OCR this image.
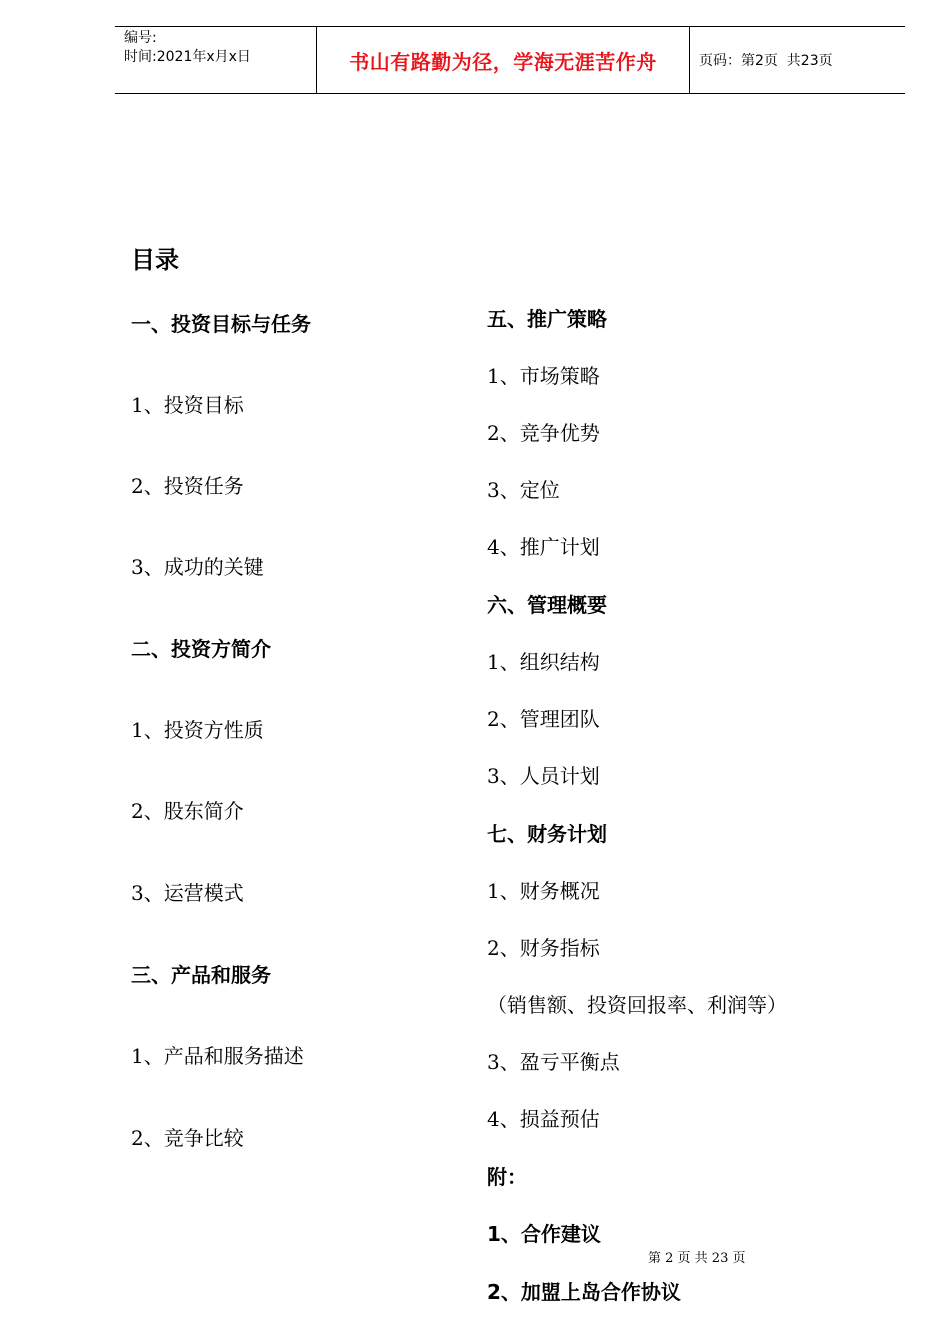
编号:
时间:2021年x月x日	书山有路勤为径，学海无涯苦作舟	页码：第2页  共23页
目录
一、投资目标与任务
1、投资目标
2、投资任务
3、成功的关键
二、投资方简介
1、投资方性质
2、股东简介
3、运营模式
三、产品和服务
1、产品和服务描述
2、竞争比较
五、推广策略
1、市场策略
2、竞争优势
3、定位
4、推广计划
六、管理概要
1、组织结构
2、管理团队
3、人员计划
七、财务计划
1、财务概况
2、财务指标
（销售额、投资回报率、利润等）
3、盈亏平衡点
4、损益预估
附：
1、合作建议
2、加盟上岛合作协议
第 2 页 共 23 页
